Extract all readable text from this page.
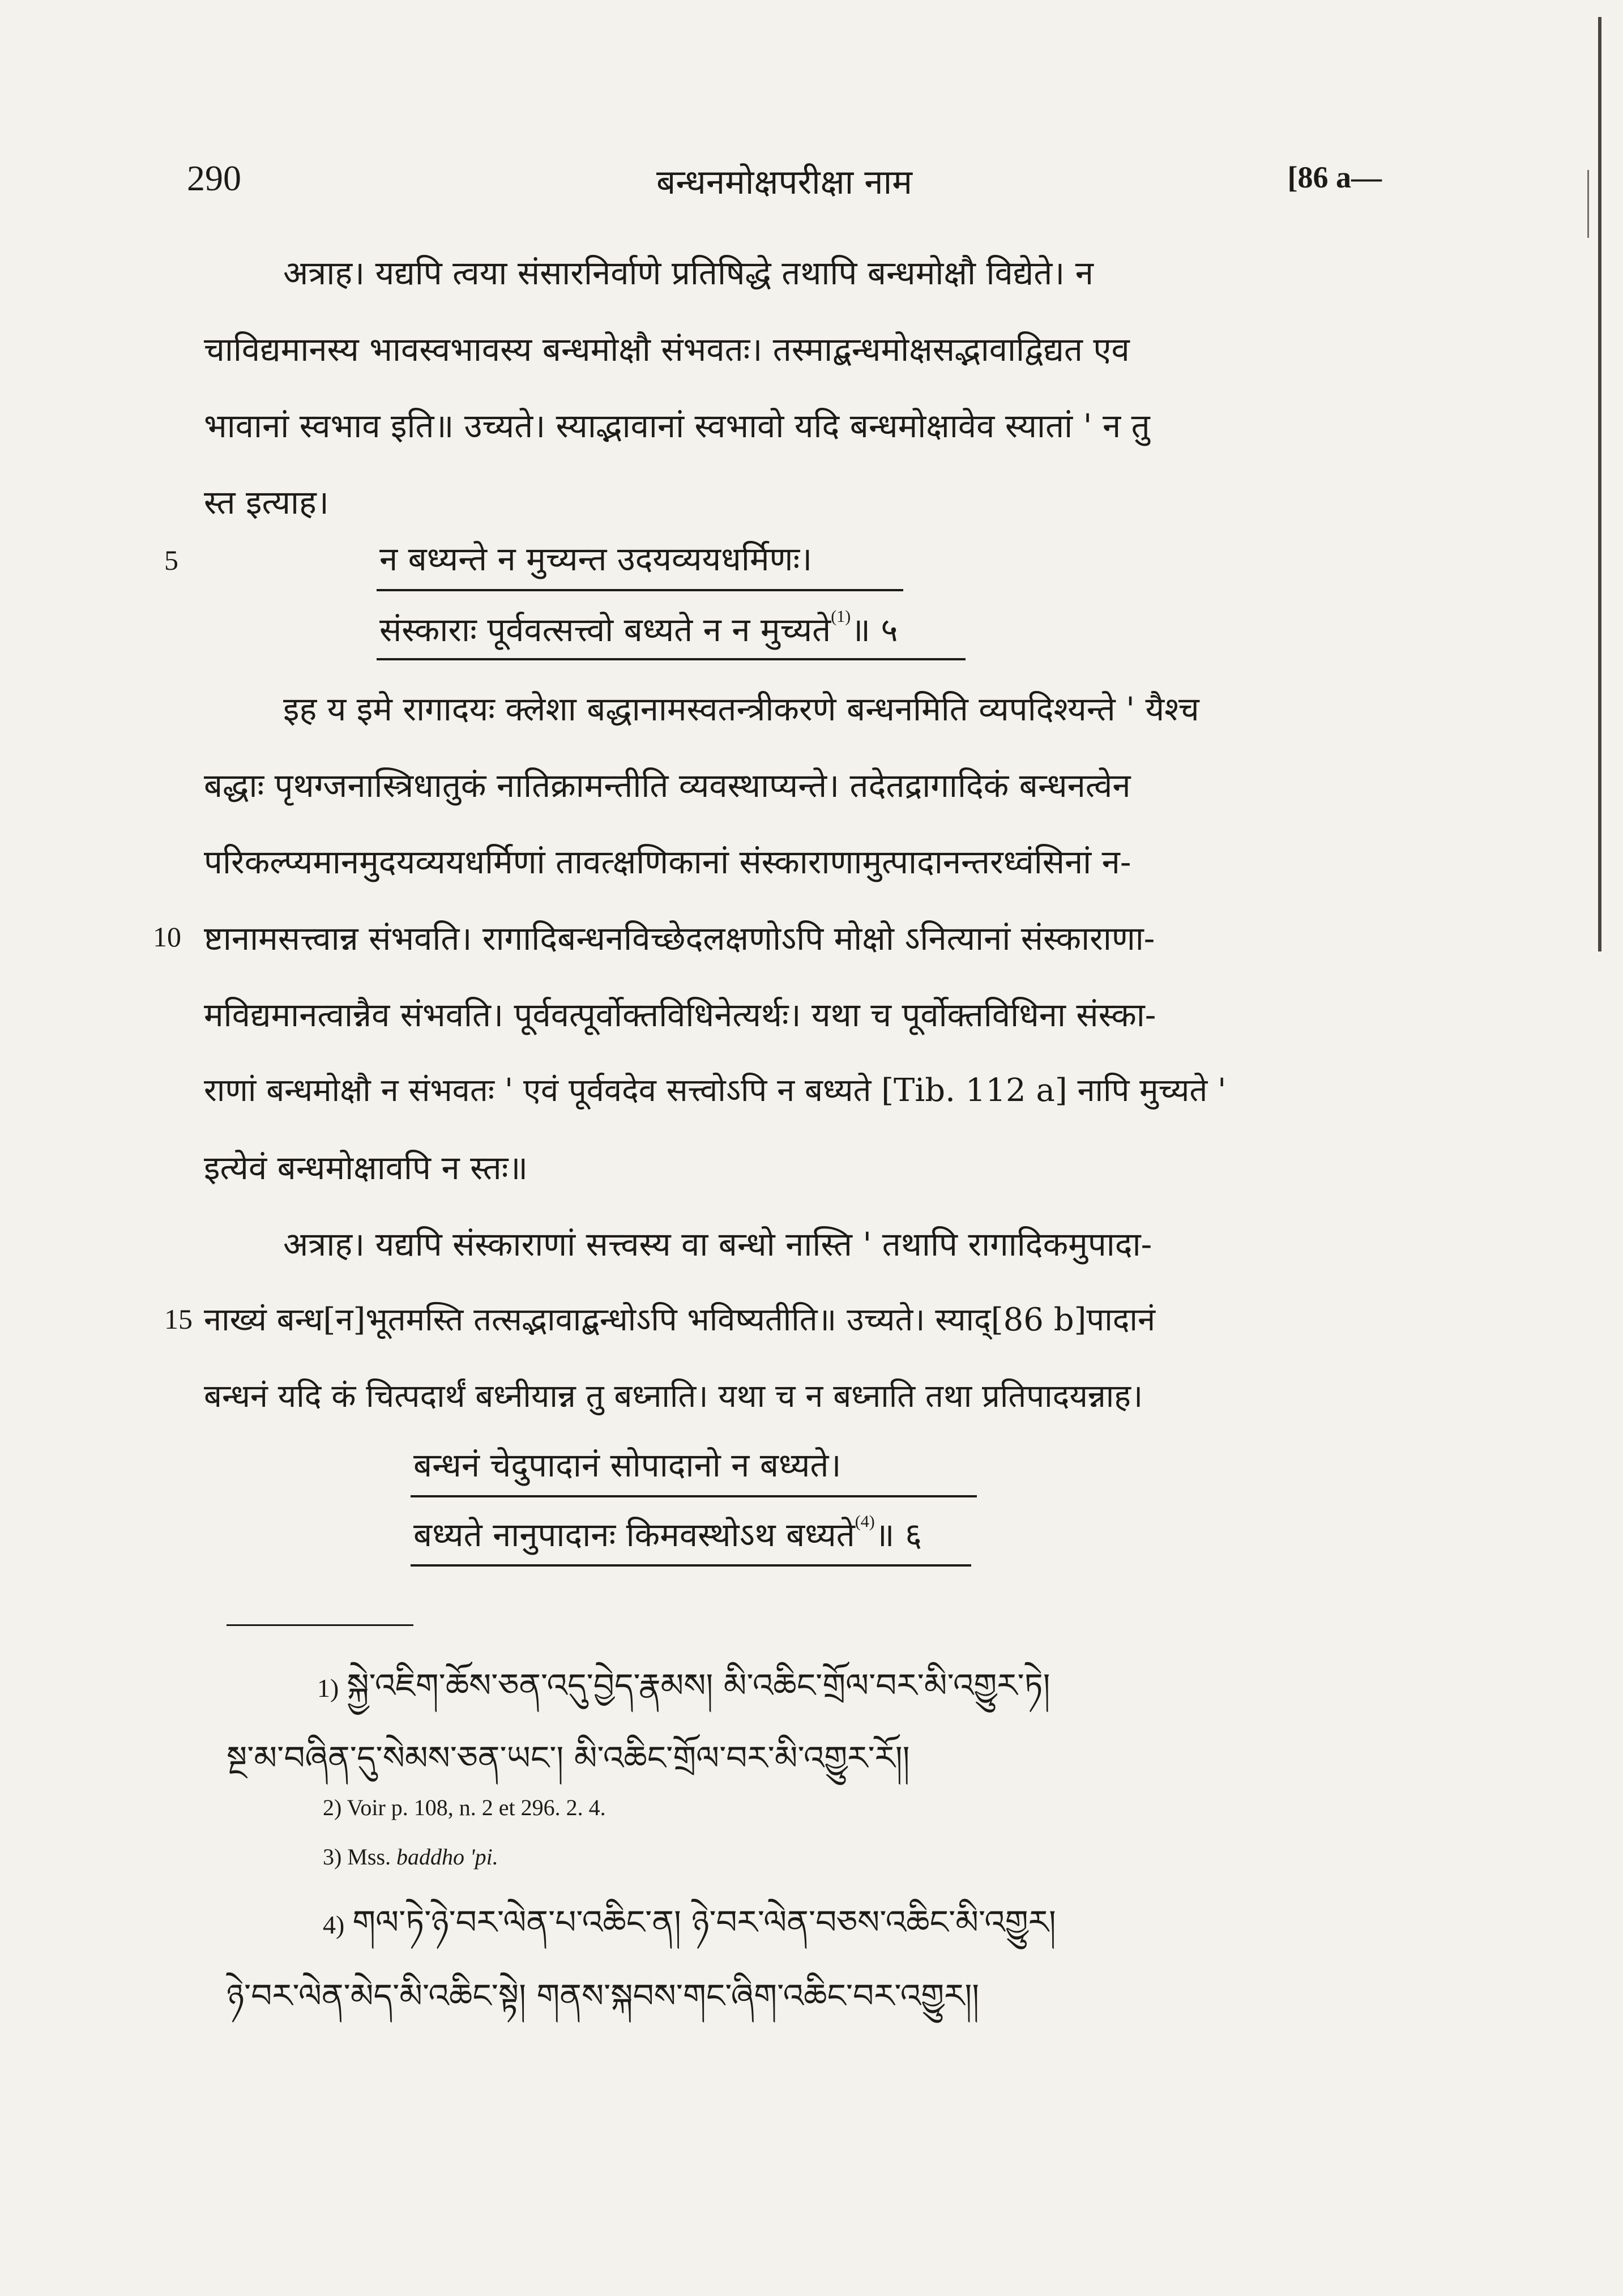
290	बन्धनमोक्षपरीक्षा नाम	[86 a—
अत्राह। यद्यपि त्वया संसारनिर्वाणे प्रतिषिद्धे तथापि बन्धमोक्षौ विद्येते। न
चाविद्यमानस्य भावस्वभावस्य बन्धमोक्षौ संभवतः। तस्माद्बन्धमोक्षसद्भावाद्विद्यत एव
भावानां स्वभाव इति॥ उच्यते। स्याद्भावानां स्वभावो यदि बन्धमोक्षावेव स्यातां ' न तु
स्त इत्याह।
5	न बध्यन्ते न मुच्यन्त उदयव्ययधर्मिणः।
संस्काराः पूर्ववत्सत्त्वो बध्यते न न मुच्यते$^{(1)}$॥ ५
इह य इमे रागादयः क्लेशा बद्धानामस्वतन्त्रीकरणे बन्धनमिति व्यपदिश्यन्ते ' यैश्च
बद्धाः पृथग्जनास्त्रिधातुकं नातिक्रामन्तीति व्यवस्थाप्यन्ते। तदेतद्रागादिकं बन्धनत्वेन
परिकल्प्यमानमुदयव्ययधर्मिणां तावत्क्षणिकानां संस्काराणामुत्पादानन्तरध्वंसिनां न-
10 ष्टानामसत्त्वान्न संभवति। रागादिबन्धनविच्छेदलक्षणोऽपि मोक्षो ऽनित्यानां संस्काराणा-
मविद्यमानत्वान्नैव संभवति। पूर्ववत्पूर्वोक्तविधिनेत्यर्थः। यथा च पूर्वोक्तविधिना संस्का-
राणां बन्धमोक्षौ न संभवतः ' एवं पूर्ववदेव सत्त्वोऽपि न बध्यते [Tib. 112 a] नापि मुच्यते '
इत्येवं बन्धमोक्षावपि न स्तः॥
अत्राह। यद्यपि संस्काराणां सत्त्वस्य वा बन्धो नास्ति ' तथापि रागादिकमुपादा-
15 नाख्यं बन्ध[न]भूतमस्ति तत्सद्भावाद्बन्धोऽपि भविष्यतीति॥ उच्यते। स्याद्[86 b]पादानं
बन्धनं यदि कं चित्पदार्थं बध्नीयान्न तु बध्नाति। यथा च न बध्नाति तथा प्रतिपादयन्नाह।
बन्धनं चेदुपादानं सोपादानो न बध्यते।
बध्यते नानुपादानः किमवस्थोऽथ बध्यते$^{(4)}$॥ ६
1) སྐྱེ་འཇིག་ཆོས་ཅན་འདུ་བྱེད་རྣམས། མི་འཆིང་གྲོལ་བར་མི་འགྱུར་ཏེ།
སྔ་མ་བཞིན་དུ་སེམས་ཅན་ཡང་། མི་འཆིང་གྲོལ་བར་མི་འགྱུར་རོ།།
2) Voir p. 108, n. 2 et 296. 2. 4.
3) Mss. baddho 'pi.
4) གལ་ཏེ་ཉེ་བར་ལེན་པ་འཆིང་ན། ཉེ་བར་ལེན་བཅས་འཆིང་མི་འགྱུར།
ཉེ་བར་ལེན་མེད་མི་འཆིང་སྟེ། གནས་སྐབས་གང་ཞིག་འཆིང་བར་འགྱུར།།
